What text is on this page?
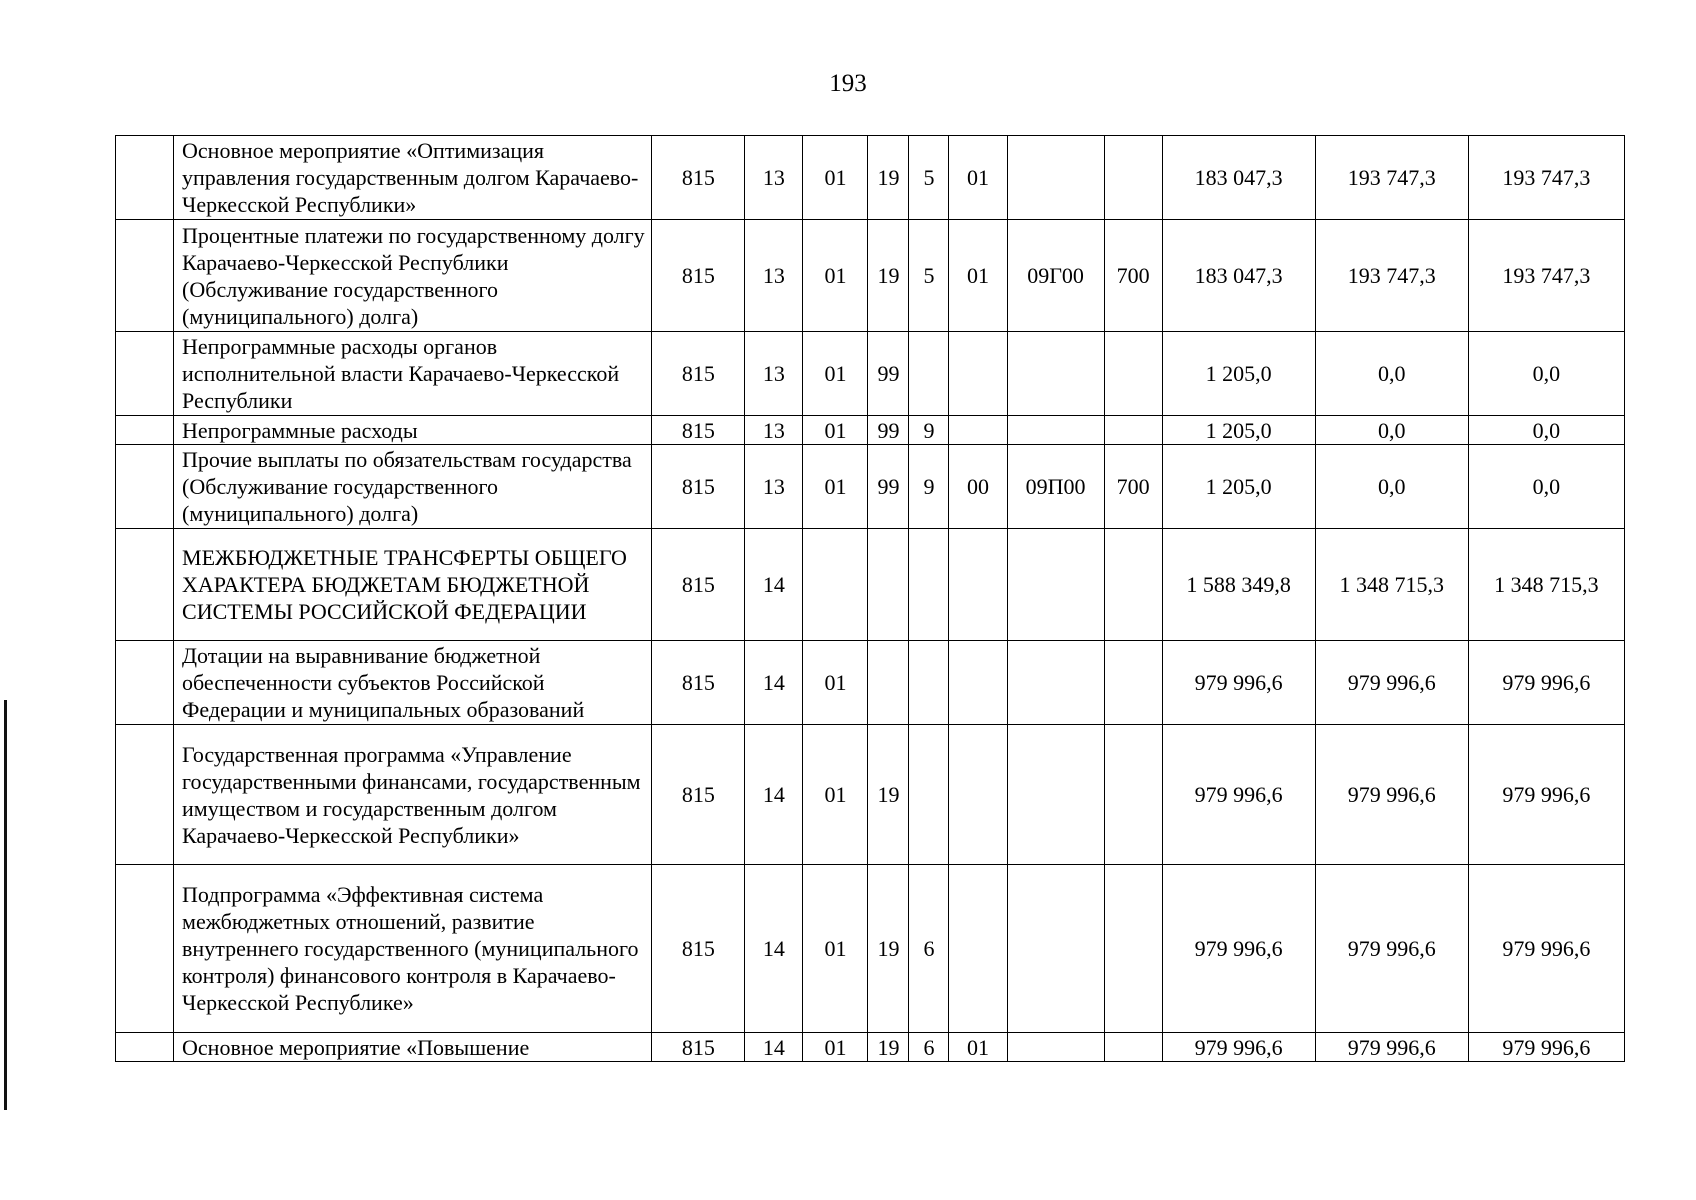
193
	Основное мероприятие «Оптимизация управления государственным долгом Карачаево-Черкесской Республики»	815	13	01	19	5	01			183 047,3	193 747,3	193 747,3
	Процентные платежи по государственному долгу Карачаево-Черкесской Республики (Обслуживание государственного (муниципального) долга)	815	13	01	19	5	01	09Г00	700	183 047,3	193 747,3	193 747,3
	Непрограммные расходы органов исполнительной власти Карачаево-Черкесской Республики	815	13	01	99					1 205,0	0,0	0,0
	Непрограммные расходы	815	13	01	99	9				1 205,0	0,0	0,0
	Прочие выплаты по обязательствам государства (Обслуживание государственного (муниципального) долга)	815	13	01	99	9	00	09П00	700	1 205,0	0,0	0,0
	МЕЖБЮДЖЕТНЫЕ ТРАНСФЕРТЫ ОБЩЕГО ХАРАКТЕРА БЮДЖЕТАМ БЮДЖЕТНОЙ СИСТЕМЫ РОССИЙСКОЙ ФЕДЕРАЦИИ	815	14							1 588 349,8	1 348 715,3	1 348 715,3
	Дотации на выравнивание бюджетной обеспеченности субъектов Российской Федерации и муниципальных образований	815	14	01						979 996,6	979 996,6	979 996,6
	Государственная программа «Управление государственными финансами, государственным имуществом и государственным долгом Карачаево-Черкесской Республики»	815	14	01	19					979 996,6	979 996,6	979 996,6
	Подпрограмма «Эффективная система межбюджетных отношений, развитие внутреннего государственного (муниципального контроля) финансового контроля в Карачаево-Черкесской Республике»	815	14	01	19	6				979 996,6	979 996,6	979 996,6
	Основное мероприятие «Повышение	815	14	01	19	6	01			979 996,6	979 996,6	979 996,6
